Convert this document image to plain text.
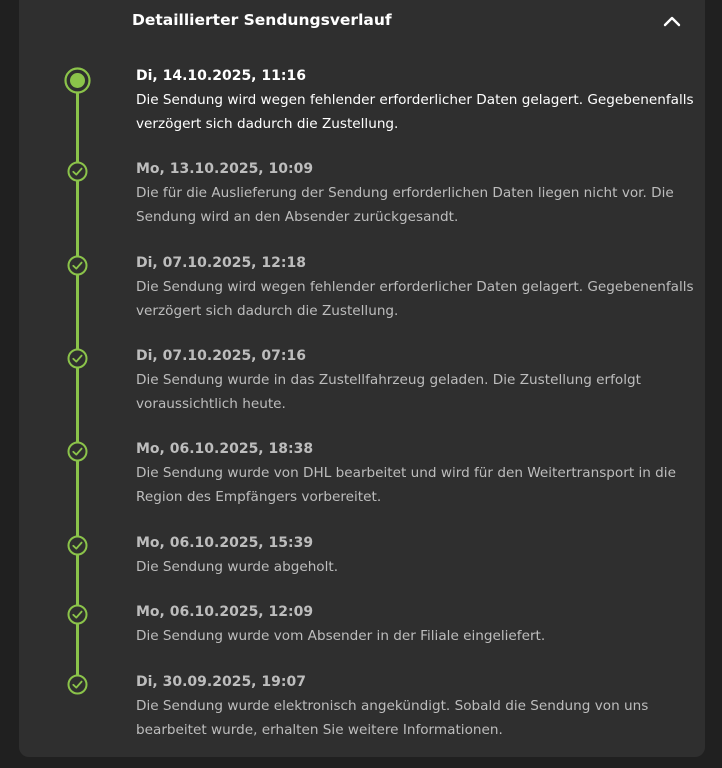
Detaillierter Sendungsverlauf
Di, 14.10.2025, 11:16
Die Sendung wird wegen fehlender erforderlicher Daten gelagert. Gegebenenfalls verzögert sich dadurch die Zustellung.
Mo, 13.10.2025, 10:09
Die für die Auslieferung der Sendung erforderlichen Daten liegen nicht vor. Die Sendung wird an den Absender zurückgesandt.
Di, 07.10.2025, 12:18
Die Sendung wird wegen fehlender erforderlicher Daten gelagert. Gegebenenfalls verzögert sich dadurch die Zustellung.
Di, 07.10.2025, 07:16
Die Sendung wurde in das Zustellfahrzeug geladen. Die Zustellung erfolgt voraussichtlich heute.
Mo, 06.10.2025, 18:38
Die Sendung wurde von DHL bearbeitet und wird für den Weitertransport in die Region des Empfängers vorbereitet.
Mo, 06.10.2025, 15:39
Die Sendung wurde abgeholt.
Mo, 06.10.2025, 12:09
Die Sendung wurde vom Absender in der Filiale eingeliefert.
Di, 30.09.2025, 19:07
Die Sendung wurde elektronisch angekündigt. Sobald die Sendung von uns bearbeitet wurde, erhalten Sie weitere Informationen.
